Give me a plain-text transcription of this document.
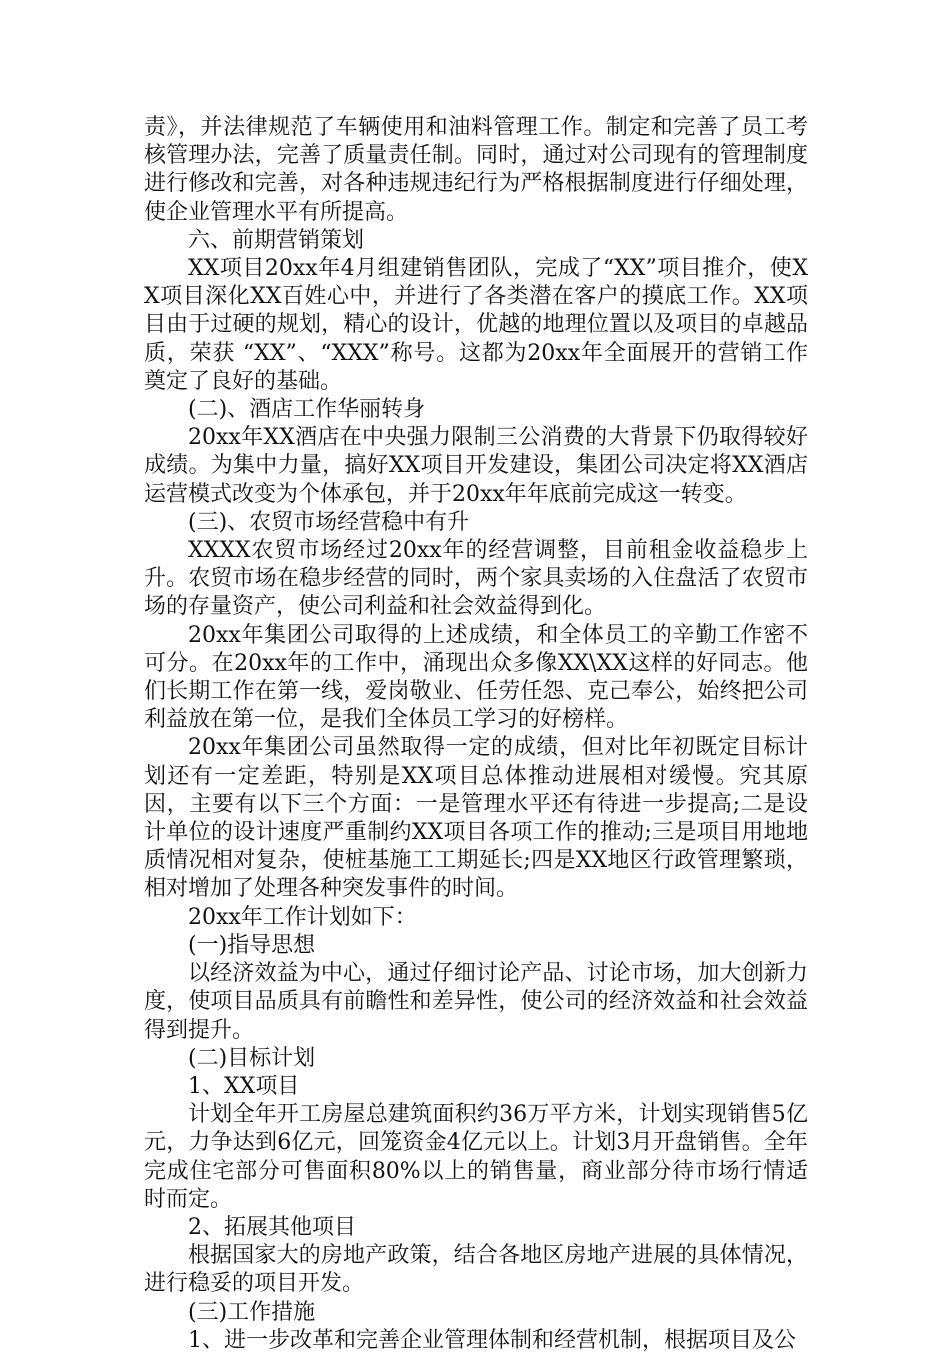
责》，并法律规范了车辆使用和油料管理工作。制定和完善了员工考核管理办法，完善了质量责任制。同时，通过对公司现有的管理制度进行修改和完善，对各种违规违纪行为严格根据制度进行仔细处理，使企业管理水平有所提高。

六、前期营销策划

XX项目20xx年4月组建销售团队，完成了“XX”项目推介，使XX项目深化XX百姓心中，并进行了各类潜在客户的摸底工作。XX项目由于过硬的规划，精心的设计，优越的地理位置以及项目的卓越品质，荣获 “XX”、“XXX”称号。这都为20xx年全面展开的营销工作奠定了良好的基础。

(二)、酒店工作华丽转身

20xx年XX酒店在中央强力限制三公消费的大背景下仍取得较好成绩。为集中力量，搞好XX项目开发建设，集团公司决定将XX酒店运营模式改变为个体承包，并于20xx年年底前完成这一转变。

(三)、农贸市场经营稳中有升

XXXX农贸市场经过20xx年的经营调整，目前租金收益稳步上升。农贸市场在稳步经营的同时，两个家具卖场的入住盘活了农贸市场的存量资产，使公司利益和社会效益得到化。

20xx年集团公司取得的上述成绩，和全体员工的辛勤工作密不可分。在20xx年的工作中，涌现出众多像XX\XX这样的好同志。他们长期工作在第一线，爱岗敬业、任劳任怨、克己奉公，始终把公司利益放在第一位，是我们全体员工学习的好榜样。

20xx年集团公司虽然取得一定的成绩，但对比年初既定目标计划还有一定差距，特别是XX项目总体推动进展相对缓慢。究其原因，主要有以下三个方面：一是管理水平还有待进一步提高;二是设计单位的设计速度严重制约XX项目各项工作的推动;三是项目用地地质情况相对复杂，使桩基施工工期延长;四是XX地区行政管理繁琐，相对增加了处理各种突发事件的时间。

20xx年工作计划如下：

(一)指导思想

以经济效益为中心，通过仔细讨论产品、讨论市场，加大创新力度，使项目品质具有前瞻性和差异性，使公司的经济效益和社会效益得到提升。

(二)目标计划

1、XX项目

计划全年开工房屋总建筑面积约36万平方米，计划实现销售5亿元，力争达到6亿元，回笼资金4亿元以上。计划3月开盘销售。全年完成住宅部分可售面积80%以上的销售量，商业部分待市场行情适时而定。

2、拓展其他项目

根据国家大的房地产政策，结合各地区房地产进展的具体情况，进行稳妥的项目开发。

(三)工作措施

1、进一步改革和完善企业管理体制和经营机制，根据项目及公
